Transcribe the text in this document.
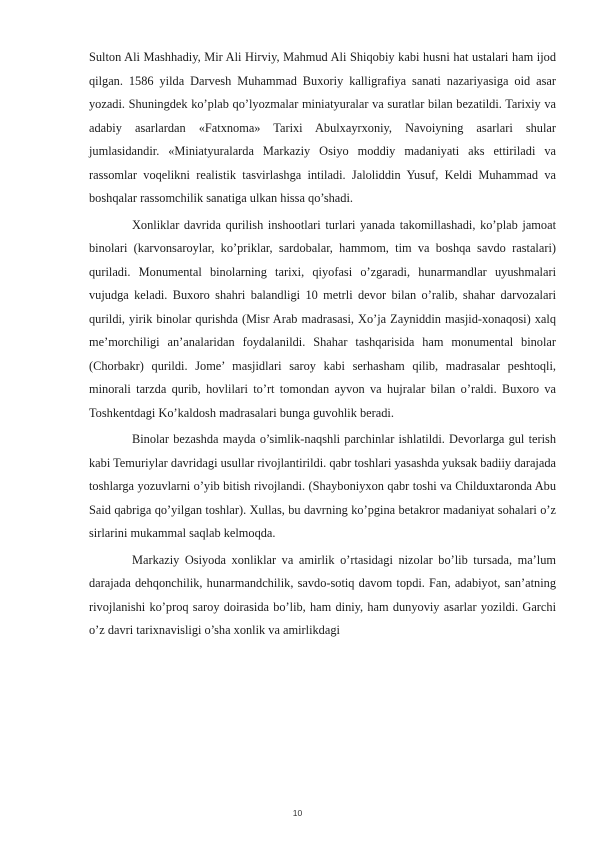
Sulton Ali Mashhadiy, Mir Ali Hirviy, Mahmud Ali Shiqobiy kabi husni hat ustalari ham ijod qilgan. 1586 yilda Darvesh Muhammad Buxoriy kalligrafiya sanati nazariyasiga oid asar yozadi. Shuningdek ko’plab qo’lyozmalar miniatyuralar va suratlar bilan bezatildi. Tarixiy va adabiy asarlardan «Fatxnoma» Tarixi Abulxayrxoniy, Navoiyning asarlari shular jumlasidandir. «Miniatyuralarda Markaziy Osiyo moddiy madaniyati aks ettiriladi va rassomlar voqelikni realistik tasvirlashga intiladi. Jaloliddin Yusuf, Keldi Muhammad va boshqalar rassomchilik sanatiga ulkan hissa qo’shadi.

Xonliklar davrida qurilish inshootlari turlari yanada takomillashadi, ko’plab jamoat binolari (karvonsaroylar, ko’priklar, sardobalar, hammom, tim va boshqa savdo rastalari) quriladi. Monumental binolarning tarixi, qiyofasi o’zgaradi, hunarmandlar uyushmalari vujudga keladi. Buxoro shahri balandligi 10 metrli devor bilan o’ralib, shahar darvozalari qurildi, yirik binolar qurishda (Misr Arab madrasasi, Xo’ja Zayniddin masjid-xonaqosi) xalq me’morchiligi an’analaridan foydalanildi. Shahar tashqarisida ham monumental binolar (Chorbakr) qurildi. Jome’ masjidlari saroy kabi serhasham qilib, madrasalar peshtoqli, minorali tarzda qurib, hovlilari to’rt tomondan ayvon va hujralar bilan o’raldi. Buxoro va Toshkentdagi Ko’kaldosh madrasalari bunga guvohlik beradi.

Binolar bezashda mayda o’simlik-naqshli parchinlar ishlatildi. Devorlarga gul terish kabi Temuriylar davridagi usullar rivojlantirildi. qabr toshlari yasashda yuksak badiiy darajada toshlarga yozuvlarni o’yib bitish rivojlandi. (Shayboniyxon qabr toshi va Childuxtaronda Abu Said qabriga qo’yilgan toshlar). Xullas, bu davrning ko’pgina betakror madaniyat sohalari o’z sirlarini mukammal saqlab kelmoqda.

Markaziy Osiyoda xonliklar va amirlik o’rtasidagi nizolar bo’lib tursada, ma’lum darajada dehqonchilik, hunarmandchilik, savdo-sotiq davom topdi. Fan, adabiyot, san’atning rivojlanishi ko’proq saroy doirasida bo’lib, ham diniy, ham dunyoviy asarlar yozildi. Garchi o’z davri tarixnavisligi o’sha xonlik va amirlikdagi

10
